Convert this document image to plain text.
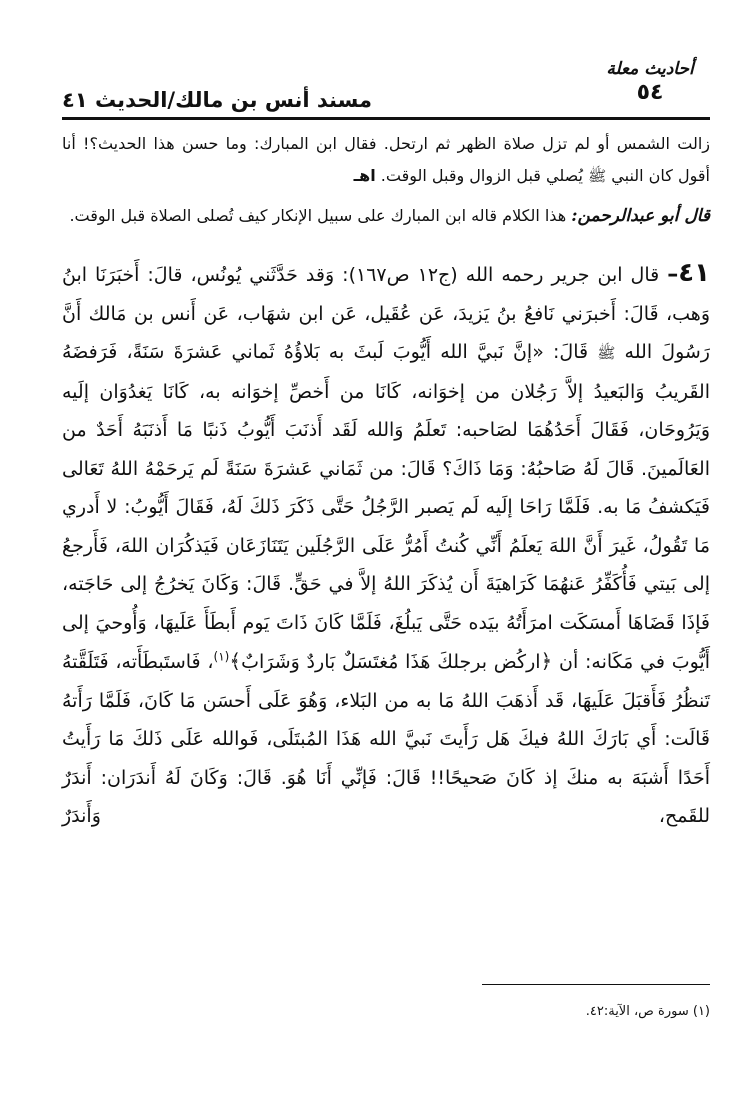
أحاديث معلة
٥٤
مسند أنس بن مالك/الحديث ٤١

زالت الشمس أو لم تزل صلاة الظهر ثم ارتحل. فقال ابن المبارك: وما حسن هذا الحديث؟! أنا أقول كان النبي ﷺ يُصلي قبل الزوال وقبل الوقت. اهـ

قال أبو عبدالرحمن: هذا الكلام قاله ابن المبارك على سبيل الإنكار كيف تُصلى الصلاة قبل الوقت.

٤١– قال ابن جرير رحمه الله (ج١٢ ص١٦٧): وَقد حَدَّثَني يُونُس، قالَ: أَخبَرَنَا ابنُ وَهب، قَالَ: أَخبرَني نَافعُ بنُ يَزيدَ، عَن عُقَيل، عَن ابن شهَاب، عَن أَنس بن مَالك أَنَّ رَسُولَ الله ﷺ قَالَ: «إنَّ نَبيَّ الله أَيُّوبَ لَبثَ به بَلاؤُهُ ثَماني عَشرَةَ سَنَةً، فَرَفضَهُ القَريبُ وَالبَعيدُ إلاَّ رَجُلان من إخوَانه، كَانَا من أَخصِّ إخوَانه به، كَانَا يَغدُوَان إلَيه وَيَرُوحَان، فَقَالَ أَحَدُهُمَا لصَاحبه: تَعلَمُ وَالله لَقَد أَذنَبَ أَيُّوبُ ذَنبًا مَا أَذنَبَهُ أَحَدٌ من العَالَمينَ. قَالَ لَهُ صَاحبُهُ: وَمَا ذَاكَ؟ قَالَ: من ثَمَاني عَشرَةَ سَنَةً لَم يَرحَمْهُ اللهُ تَعَالى فَيَكشفُ مَا به. فَلَمَّا رَاحَا إلَيه لَم يَصبر الرَّجُلُ حَتَّى ذَكَرَ ذَلكَ لَهُ، فَقَالَ أَيُّوبُ: لا أَدري مَا تَقُولُ، غَيرَ أَنَّ اللهَ يَعلَمُ أَنِّي كُنتُ أَمُرُّ عَلَى الرَّجُلَين يَتَنَازَعَان فَيَذكُرَان اللهَ، فَأَرجعُ إلى بَيتي فَأُكَفِّرُ عَنهُمَا كَرَاهيَةَ أَن يُذكَرَ اللهُ إلاَّ في حَقٍّ. قَالَ: وَكَانَ يَخرُجُ إلى حَاجَته، فَإذَا قَضَاهَا أَمسَكَت امرَأَتُهُ بيَده حَتَّى يَبلُغَ، فَلَمَّا كَانَ ذَاتَ يَوم أَبطَأَ عَلَيهَا، وَأُوحيَ إلى أَيُّوبَ في مَكَانه: أن ﴿اركُض برجلكَ هَذَا مُغتَسَلٌ بَاردٌ وَشَرَابٌ﴾$^{(١)}$، فَاستَبطَأَته، فَتَلَقَّتهُ تَنظُرُ فَأَقبَلَ عَلَيهَا، قَد أَذهَبَ اللهُ مَا به من البَلاء، وَهُوَ عَلَى أَحسَن مَا كَانَ، فَلَمَّا رَأَتهُ قَالَت: أَي بَارَكَ اللهُ فيكَ هَل رَأَيتَ نَبيَّ الله هَذَا المُبتَلَى، فَوالله عَلَى ذَلكَ مَا رَأَيتُ أَحَدًا أَشبَهَ به منكَ إذ كَانَ صَحيحًا!! قَالَ: فَإنِّي أَنَا هُوَ. قَالَ: وَكَانَ لَهُ أَندَرَان: أَندَرٌ للقَمح، وَأَندَرٌ

(١) سورة ص، الآية:٤٢.
